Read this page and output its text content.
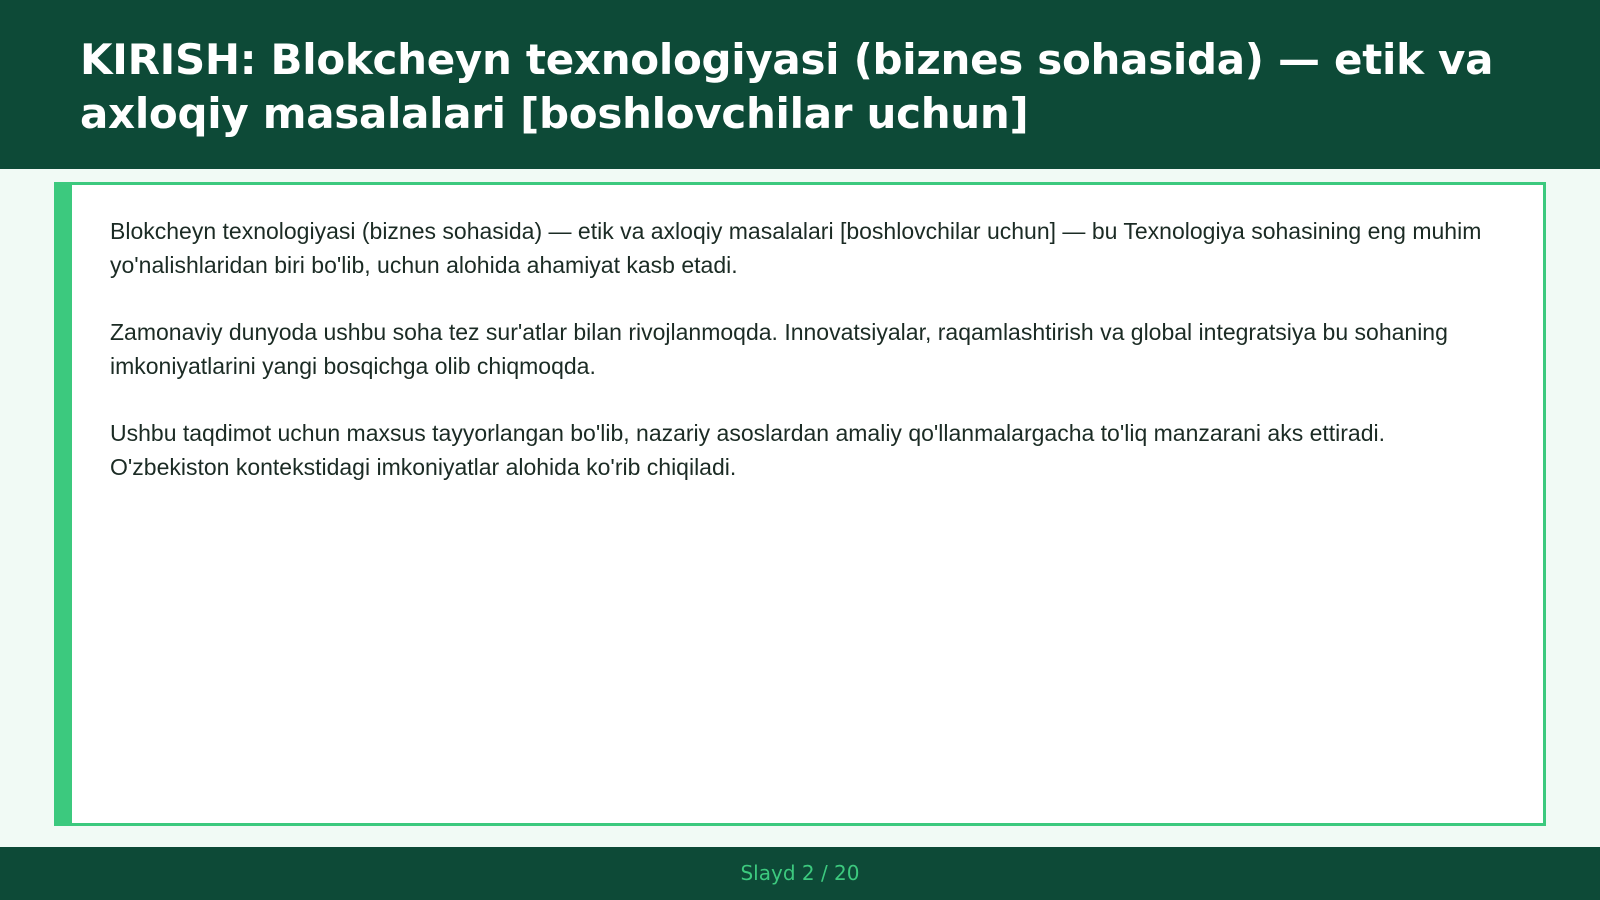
KIRISH: Blokcheyn texnologiyasi (biznes sohasida) — etik va axloqiy masalalari [boshlovchilar uchun]

Blokcheyn texnologiyasi (biznes sohasida) — etik va axloqiy masalalari [boshlovchilar uchun] — bu Texnologiya sohasining eng muhim yo'nalishlaridan biri bo'lib, uchun alohida ahamiyat kasb etadi.

Zamonaviy dunyoda ushbu soha tez sur'atlar bilan rivojlanmoqda. Innovatsiyalar, raqamlashtirish va global integratsiya bu sohaning imkoniyatlarini yangi bosqichga olib chiqmoqda.

Ushbu taqdimot uchun maxsus tayyorlangan bo'lib, nazariy asoslardan amaliy qo'llanmalargacha to'liq manzarani aks ettiradi. O'zbekiston kontekstidagi imkoniyatlar alohida ko'rib chiqiladi.

Slayd 2 / 20
